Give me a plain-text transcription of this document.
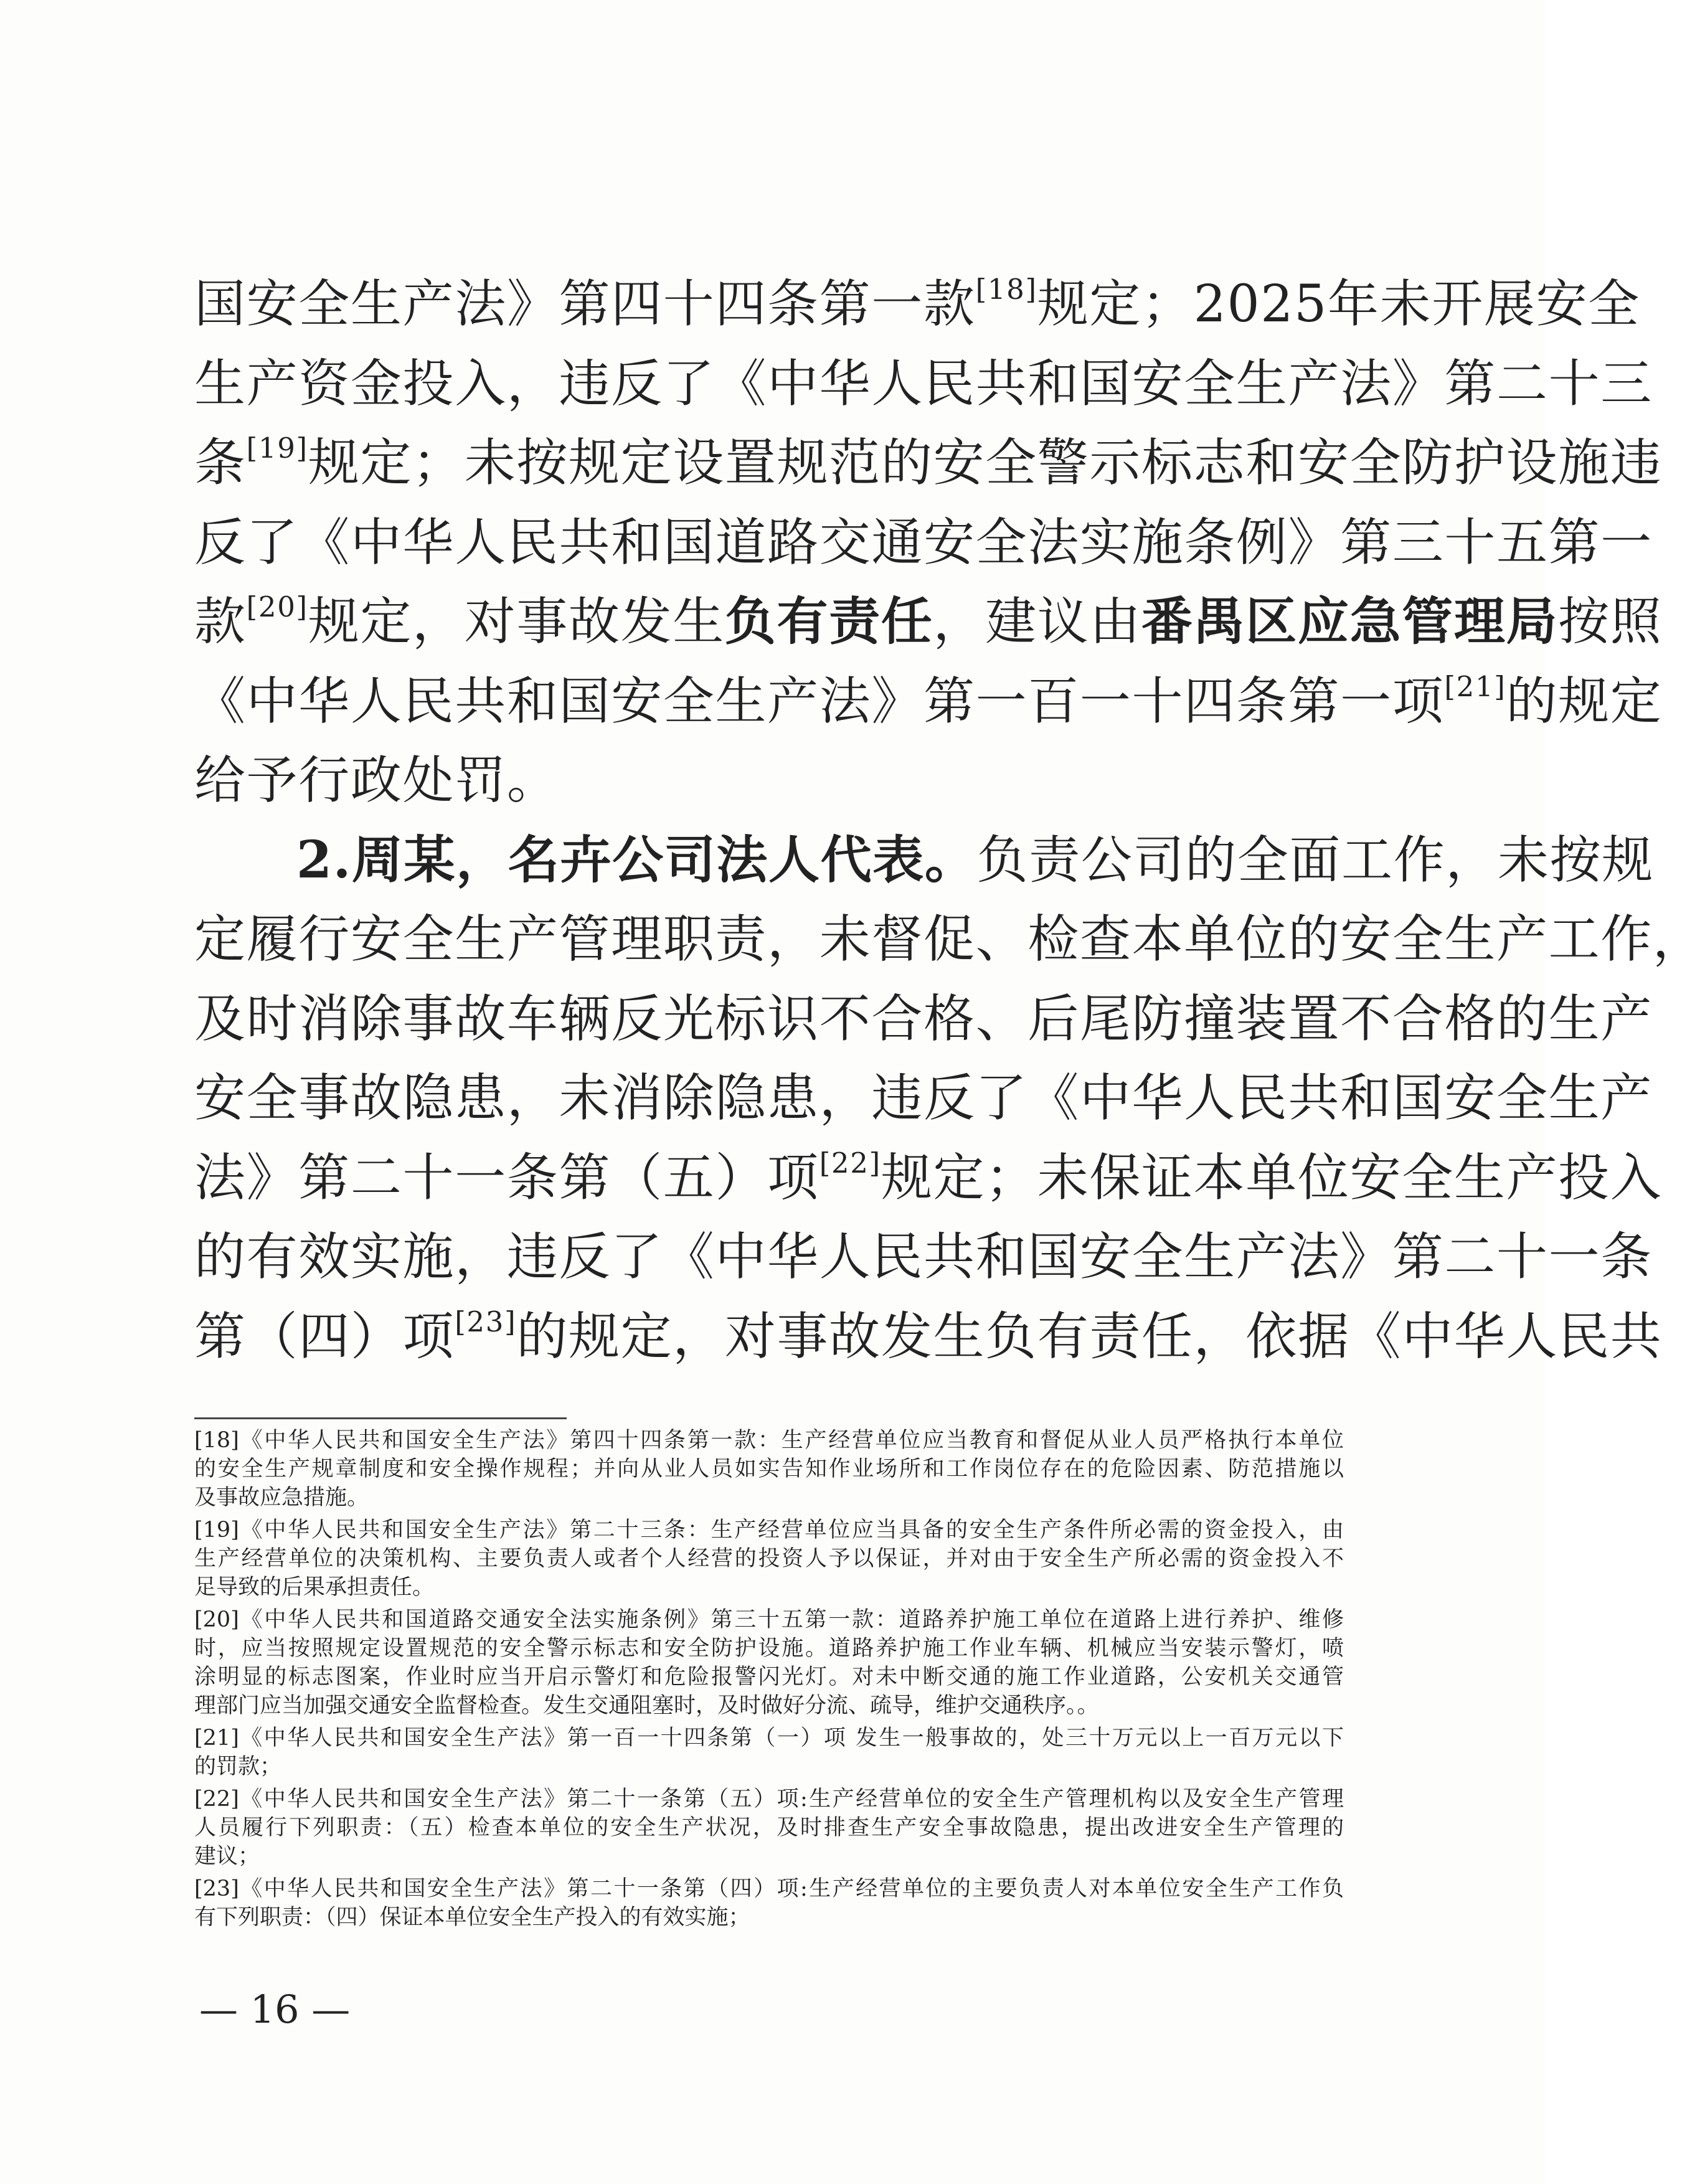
国安全生产法》第四十四条第一款[18]规定；2025年未开展安全
生产资金投入，违反了《中华人民共和国安全生产法》第二十三
条[19]规定；未按规定设置规范的安全警示标志和安全防护设施违
反了《中华人民共和国道路交通安全法实施条例》第三十五第一
款[20]规定，对事故发生负有责任，建议由番禺区应急管理局按照
《中华人民共和国安全生产法》第一百一十四条第一项[21]的规定
给予行政处罚。
2.周某，名卉公司法人代表。负责公司的全面工作，未按规
定履行安全生产管理职责，未督促、检查本单位的安全生产工作，
及时消除事故车辆反光标识不合格、后尾防撞装置不合格的生产
安全事故隐患，未消除隐患，违反了《中华人民共和国安全生产
法》第二十一条第（五）项[22]规定；未保证本单位安全生产投入
的有效实施，违反了《中华人民共和国安全生产法》第二十一条
第（四）项[23]的规定，对事故发生负有责任，依据《中华人民共
[18]《中华人民共和国安全生产法》第四十四条第一款：生产经营单位应当教育和督促从业人员严格执行本单位
的安全生产规章制度和安全操作规程；并向从业人员如实告知作业场所和工作岗位存在的危险因素、防范措施以
及事故应急措施。
[19]《中华人民共和国安全生产法》第二十三条：生产经营单位应当具备的安全生产条件所必需的资金投入，由
生产经营单位的决策机构、主要负责人或者个人经营的投资人予以保证，并对由于安全生产所必需的资金投入不
足导致的后果承担责任。
[20]《中华人民共和国道路交通安全法实施条例》第三十五第一款：道路养护施工单位在道路上进行养护、维修
时，应当按照规定设置规范的安全警示标志和安全防护设施。道路养护施工作业车辆、机械应当安装示警灯，喷
涂明显的标志图案，作业时应当开启示警灯和危险报警闪光灯。对未中断交通的施工作业道路，公安机关交通管
理部门应当加强交通安全监督检查。发生交通阻塞时，及时做好分流、疏导，维护交通秩序。。
[21]《中华人民共和国安全生产法》第一百一十四条第（一）项 发生一般事故的，处三十万元以上一百万元以下
的罚款；
[22]《中华人民共和国安全生产法》第二十一条第（五）项:生产经营单位的安全生产管理机构以及安全生产管理
人员履行下列职责：（五）检查本单位的安全生产状况，及时排查生产安全事故隐患，提出改进安全生产管理的
建议；
[23]《中华人民共和国安全生产法》第二十一条第（四）项:生产经营单位的主要负责人对本单位安全生产工作负
有下列职责：（四）保证本单位安全生产投入的有效实施；
— 16 —
